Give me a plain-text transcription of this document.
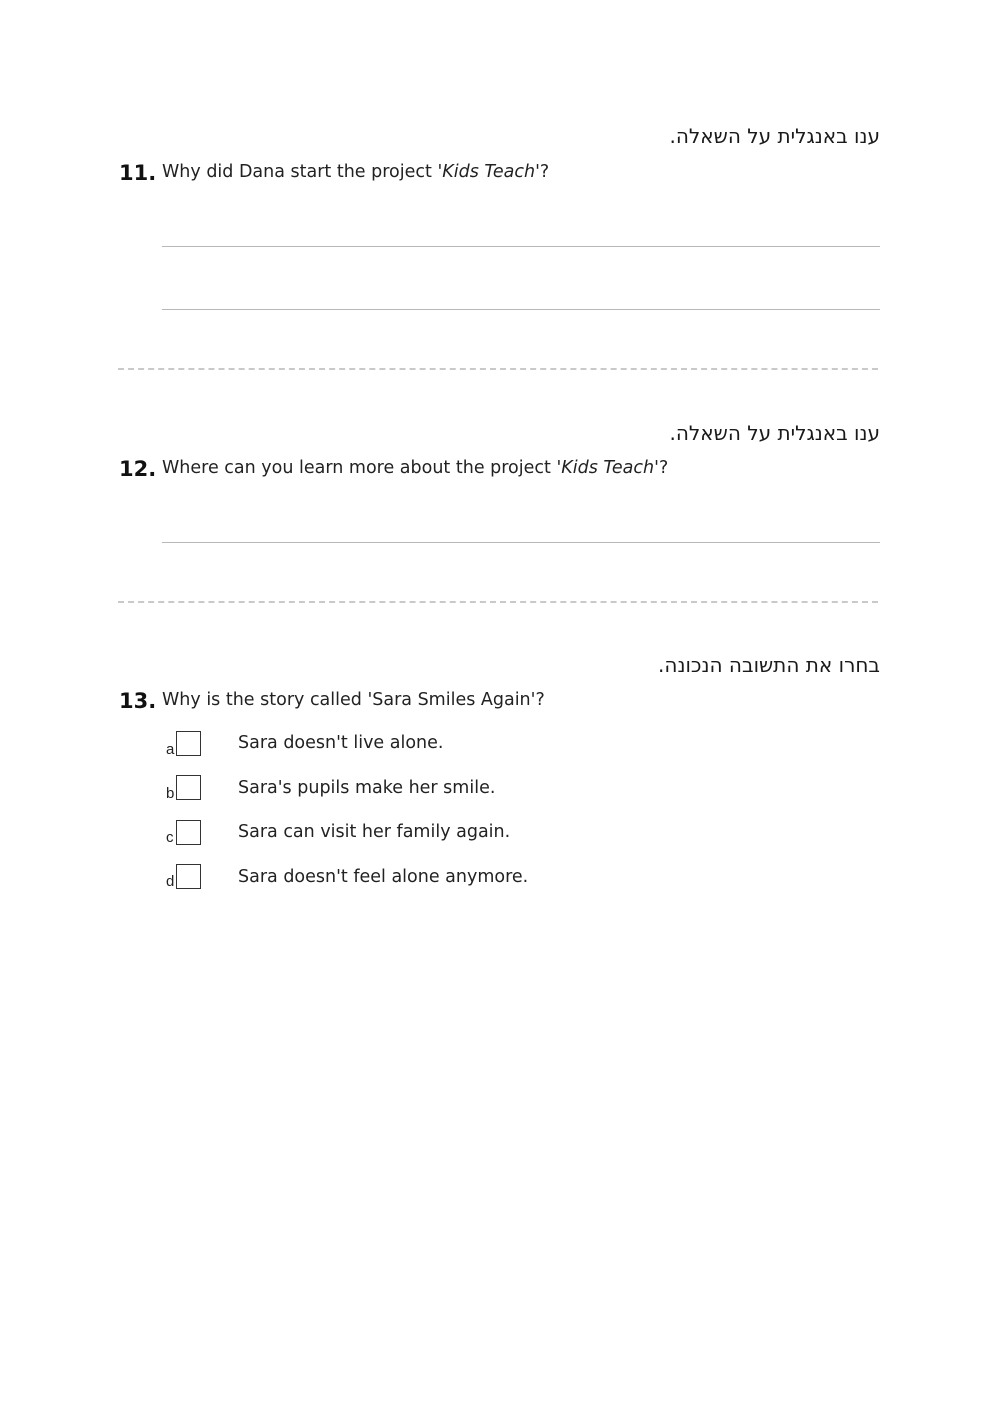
ענו באנגלית על השאלה.
11. Why did Dana start the project 'Kids Teach'?
ענו באנגלית על השאלה.
12. Where can you learn more about the project 'Kids Teach'?
בחרו את התשובה הנכונה.
13. Why is the story called 'Sara Smiles Again'?
a	Sara doesn't live alone.
b	Sara's pupils make her smile.
c	Sara can visit her family again.
d	Sara doesn't feel alone anymore.
